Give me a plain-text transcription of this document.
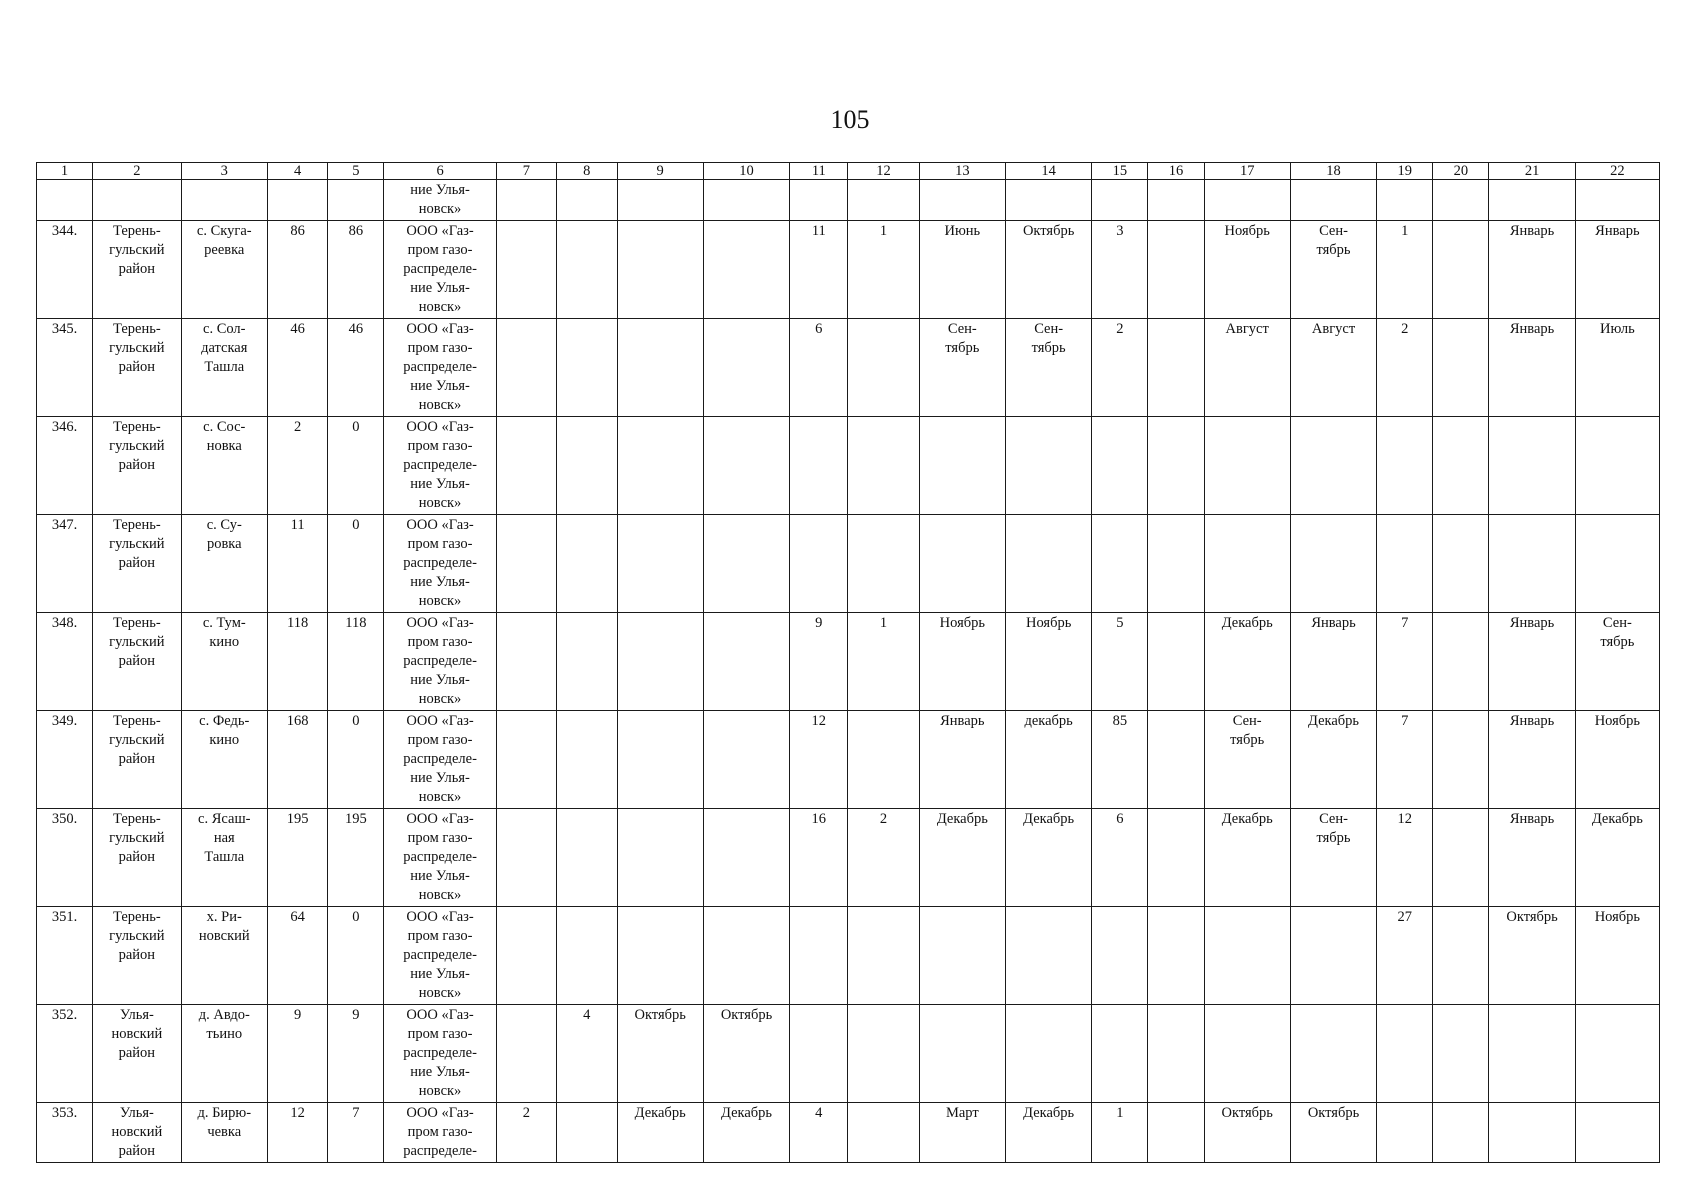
105
1	2	3	4	5	6	7	8	9	10	11	12	13	14	15	16	17	18	19	20	21	22
					ние Улья-
новск»																
344.	Терень-
гульский
район	с. Скуга-
реевка	86	86	ООО «Газ-
пром газо-
распределе-
ние Улья-
новск»					11	1	Июнь	Октябрь	3		Ноябрь	Сен-
тябрь	1		Январь	Январь
345.	Терень-
гульский
район	с. Сол-
датская
Ташла	46	46	ООО «Газ-
пром газо-
распределе-
ние Улья-
новск»					6		Сен-
тябрь	Сен-
тябрь	2		Август	Август	2		Январь	Июль
346.	Терень-
гульский
район	с. Сос-
новка	2	0	ООО «Газ-
пром газо-
распределе-
ние Улья-
новск»																
347.	Терень-
гульский
район	с. Су-
ровка	11	0	ООО «Газ-
пром газо-
распределе-
ние Улья-
новск»																
348.	Терень-
гульский
район	с. Тум-
кино	118	118	ООО «Газ-
пром газо-
распределе-
ние Улья-
новск»					9	1	Ноябрь	Ноябрь	5		Декабрь	Январь	7		Январь	Сен-
тябрь
349.	Терень-
гульский
район	с. Федь-
кино	168	0	ООО «Газ-
пром газо-
распределе-
ние Улья-
новск»					12		Январь	декабрь	85		Сен-
тябрь	Декабрь	7		Январь	Ноябрь
350.	Терень-
гульский
район	с. Ясаш-
ная
Ташла	195	195	ООО «Газ-
пром газо-
распределе-
ние Улья-
новск»					16	2	Декабрь	Декабрь	6		Декабрь	Сен-
тябрь	12		Январь	Декабрь
351.	Терень-
гульский
район	х. Ри-
новский	64	0	ООО «Газ-
пром газо-
распределе-
ние Улья-
новск»													27		Октябрь	Ноябрь
352.	Улья-
новский
район	д. Авдо-
тьино	9	9	ООО «Газ-
пром газо-
распределе-
ние Улья-
новск»		4	Октябрь	Октябрь												
353.	Улья-
новский
район	д. Бирю-
чевка	12	7	ООО «Газ-
пром газо-
распределе-	2		Декабрь	Декабрь	4		Март	Декабрь	1		Октябрь	Октябрь				
